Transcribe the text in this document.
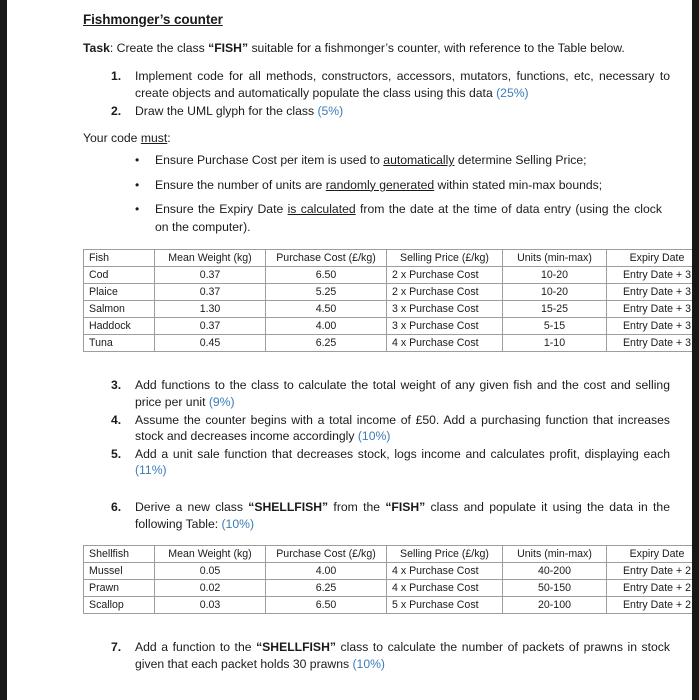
Fishmonger’s counter
Task: Create the class “FISH” suitable for a fishmonger’s counter, with reference to the Table below.
1.	Implement code for all methods, constructors, accessors, mutators, functions, etc, necessary to create objects and automatically populate the class using this data (25%)
2.	Draw the UML glyph for the class (5%)
Your code must:
• Ensure Purchase Cost per item is used to automatically determine Selling Price;
• Ensure the number of units are randomly generated within stated min-max bounds;
• Ensure the Expiry Date is calculated from the date at the time of data entry (using the clock on the computer).
Fish	Mean Weight (kg)	Purchase Cost (£/kg)	Selling Price (£/kg)	Units (min-max)	Expiry Date
Cod	0.37	6.50	2 x Purchase Cost	10-20	Entry Date + 3
Plaice	0.37	5.25	2 x Purchase Cost	10-20	Entry Date + 3
Salmon	1.30	4.50	3 x Purchase Cost	15-25	Entry Date + 3
Haddock	0.37	4.00	3 x Purchase Cost	5-15	Entry Date + 3
Tuna	0.45	6.25	4 x Purchase Cost	1-10	Entry Date + 3
3.	Add functions to the class to calculate the total weight of any given fish and the cost and selling price per unit (9%)
4.	Assume the counter begins with a total income of £50. Add a purchasing function that increases stock and decreases income accordingly (10%)
5.	Add a unit sale function that decreases stock, logs income and calculates profit, displaying each (11%)
6.	Derive a new class “SHELLFISH” from the “FISH” class and populate it using the data in the following Table: (10%)
Shellfish	Mean Weight (kg)	Purchase Cost (£/kg)	Selling Price (£/kg)	Units (min-max)	Expiry Date
Mussel	0.05	4.00	4 x Purchase Cost	40-200	Entry Date + 2
Prawn	0.02	6.25	4 x Purchase Cost	50-150	Entry Date + 2
Scallop	0.03	6.50	5 x Purchase Cost	20-100	Entry Date + 2
7.	Add a function to the “SHELLFISH” class to calculate the number of packets of prawns in stock given that each packet holds 30 prawns (10%)
